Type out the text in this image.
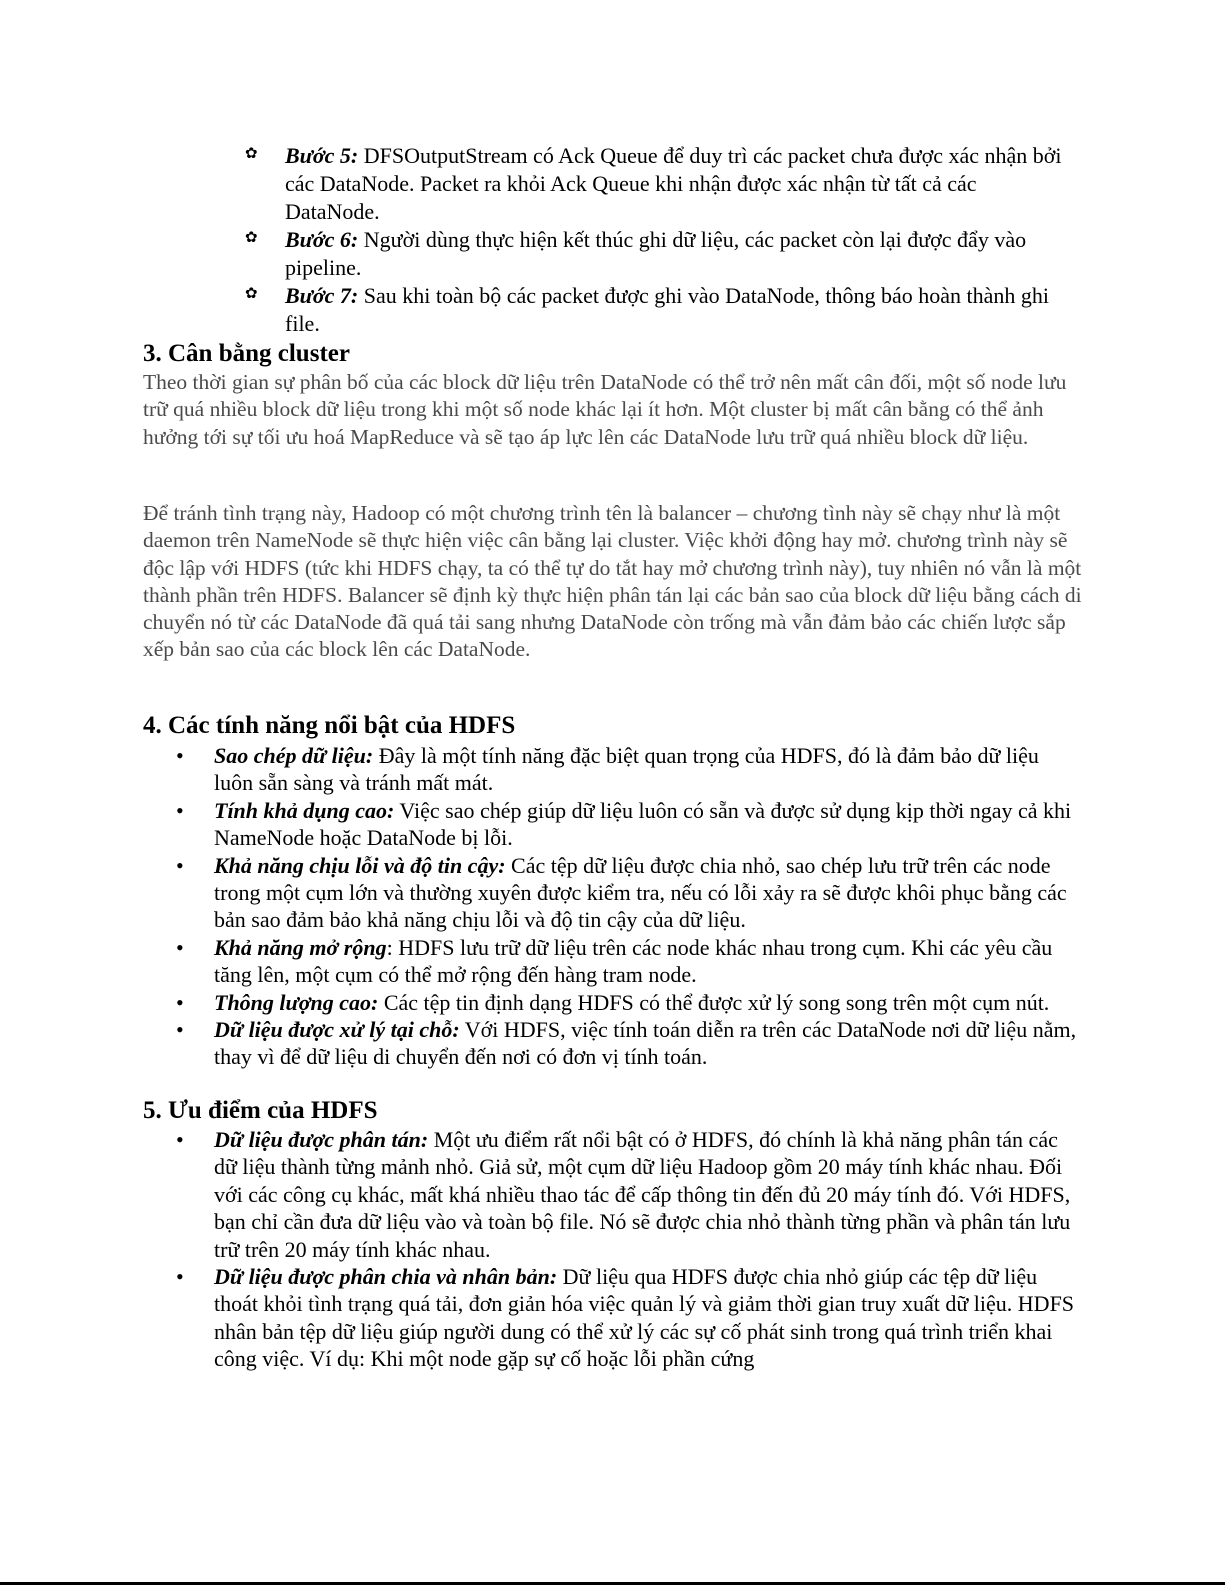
✿	Bước 5: DFSOutputStream có Ack Queue để duy trì các packet chưa được xác nhận bởi các DataNode. Packet ra khỏi Ack Queue khi nhận được xác nhận từ tất cả các DataNode.
✿	Bước 6: Người dùng thực hiện kết thúc ghi dữ liệu, các packet còn lại được đẩy vào pipeline.
✿	Bước 7: Sau khi toàn bộ các packet được ghi vào DataNode, thông báo hoàn thành ghi file.
3. Cân bằng cluster

Theo thời gian sự phân bố của các block dữ liệu trên DataNode có thể trở nên mất cân đối, một số node lưu trữ quá nhiều block dữ liệu trong khi một số node khác lại ít hơn. Một cluster bị mất cân bằng có thể ảnh hưởng tới sự tối ưu hoá MapReduce và sẽ tạo áp lực lên các DataNode lưu trữ quá nhiều block dữ liệu.

Để tránh tình trạng này, Hadoop có một chương trình tên là balancer – chương tình này sẽ chạy như là một daemon trên NameNode sẽ thực hiện việc cân bằng lại cluster. Việc khởi động hay mở. chương trình này sẽ độc lập với HDFS (tức khi HDFS chạy, ta có thể tự do tắt hay mở chương trình này), tuy nhiên nó vẫn là một thành phần trên HDFS. Balancer sẽ định kỳ thực hiện phân tán lại các bản sao của block dữ liệu bằng cách di chuyển nó từ các DataNode đã quá tải sang nhưng DataNode còn trống mà vẫn đảm bảo các chiến lược sắp xếp bản sao của các block lên các DataNode.

4. Các tính năng nổi bật của HDFS
• Sao chép dữ liệu: Đây là một tính năng đặc biệt quan trọng của HDFS, đó là đảm bảo dữ liệu luôn sẵn sàng và tránh mất mát.
• Tính khả dụng cao: Việc sao chép giúp dữ liệu luôn có sẵn và được sử dụng kịp thời ngay cả khi NameNode hoặc DataNode bị lỗi.
• Khả năng chịu lỗi và độ tin cậy: Các tệp dữ liệu được chia nhỏ, sao chép lưu trữ trên các node trong một cụm lớn và thường xuyên được kiểm tra, nếu có lỗi xảy ra sẽ được khôi phục bằng các bản sao đảm bảo khả năng chịu lỗi và độ tin cậy của dữ liệu.
• Khả năng mở rộng: HDFS lưu trữ dữ liệu trên các node khác nhau trong cụm. Khi các yêu cầu tăng lên, một cụm có thể mở rộng đến hàng tram node.
• Thông lượng cao: Các tệp tin định dạng HDFS có thể được xử lý song song trên một cụm nút.
• Dữ liệu được xử lý tại chỗ: Với HDFS, việc tính toán diễn ra trên các DataNode nơi dữ liệu nằm, thay vì để dữ liệu di chuyển đến nơi có đơn vị tính toán.
5. Ưu điểm của HDFS
• Dữ liệu được phân tán: Một ưu điểm rất nổi bật có ở HDFS, đó chính là khả năng phân tán các dữ liệu thành từng mảnh nhỏ. Giả sử, một cụm dữ liệu Hadoop gồm 20 máy tính khác nhau. Đối với các công cụ khác, mất khá nhiều thao tác để cấp thông tin đến đủ 20 máy tính đó. Với HDFS, bạn chỉ cần đưa dữ liệu vào và toàn bộ file. Nó sẽ được chia nhỏ thành từng phần và phân tán lưu trữ trên 20 máy tính khác nhau.
• Dữ liệu được phân chia và nhân bản: Dữ liệu qua HDFS được chia nhỏ giúp các tệp dữ liệu thoát khỏi tình trạng quá tải, đơn giản hóa việc quản lý và giảm thời gian truy xuất dữ liệu. HDFS nhân bản tệp dữ liệu giúp người dung có thể xử lý các sự cố phát sinh trong quá trình triển khai công việc. Ví dụ: Khi một node gặp sự cố hoặc lỗi phần cứng
